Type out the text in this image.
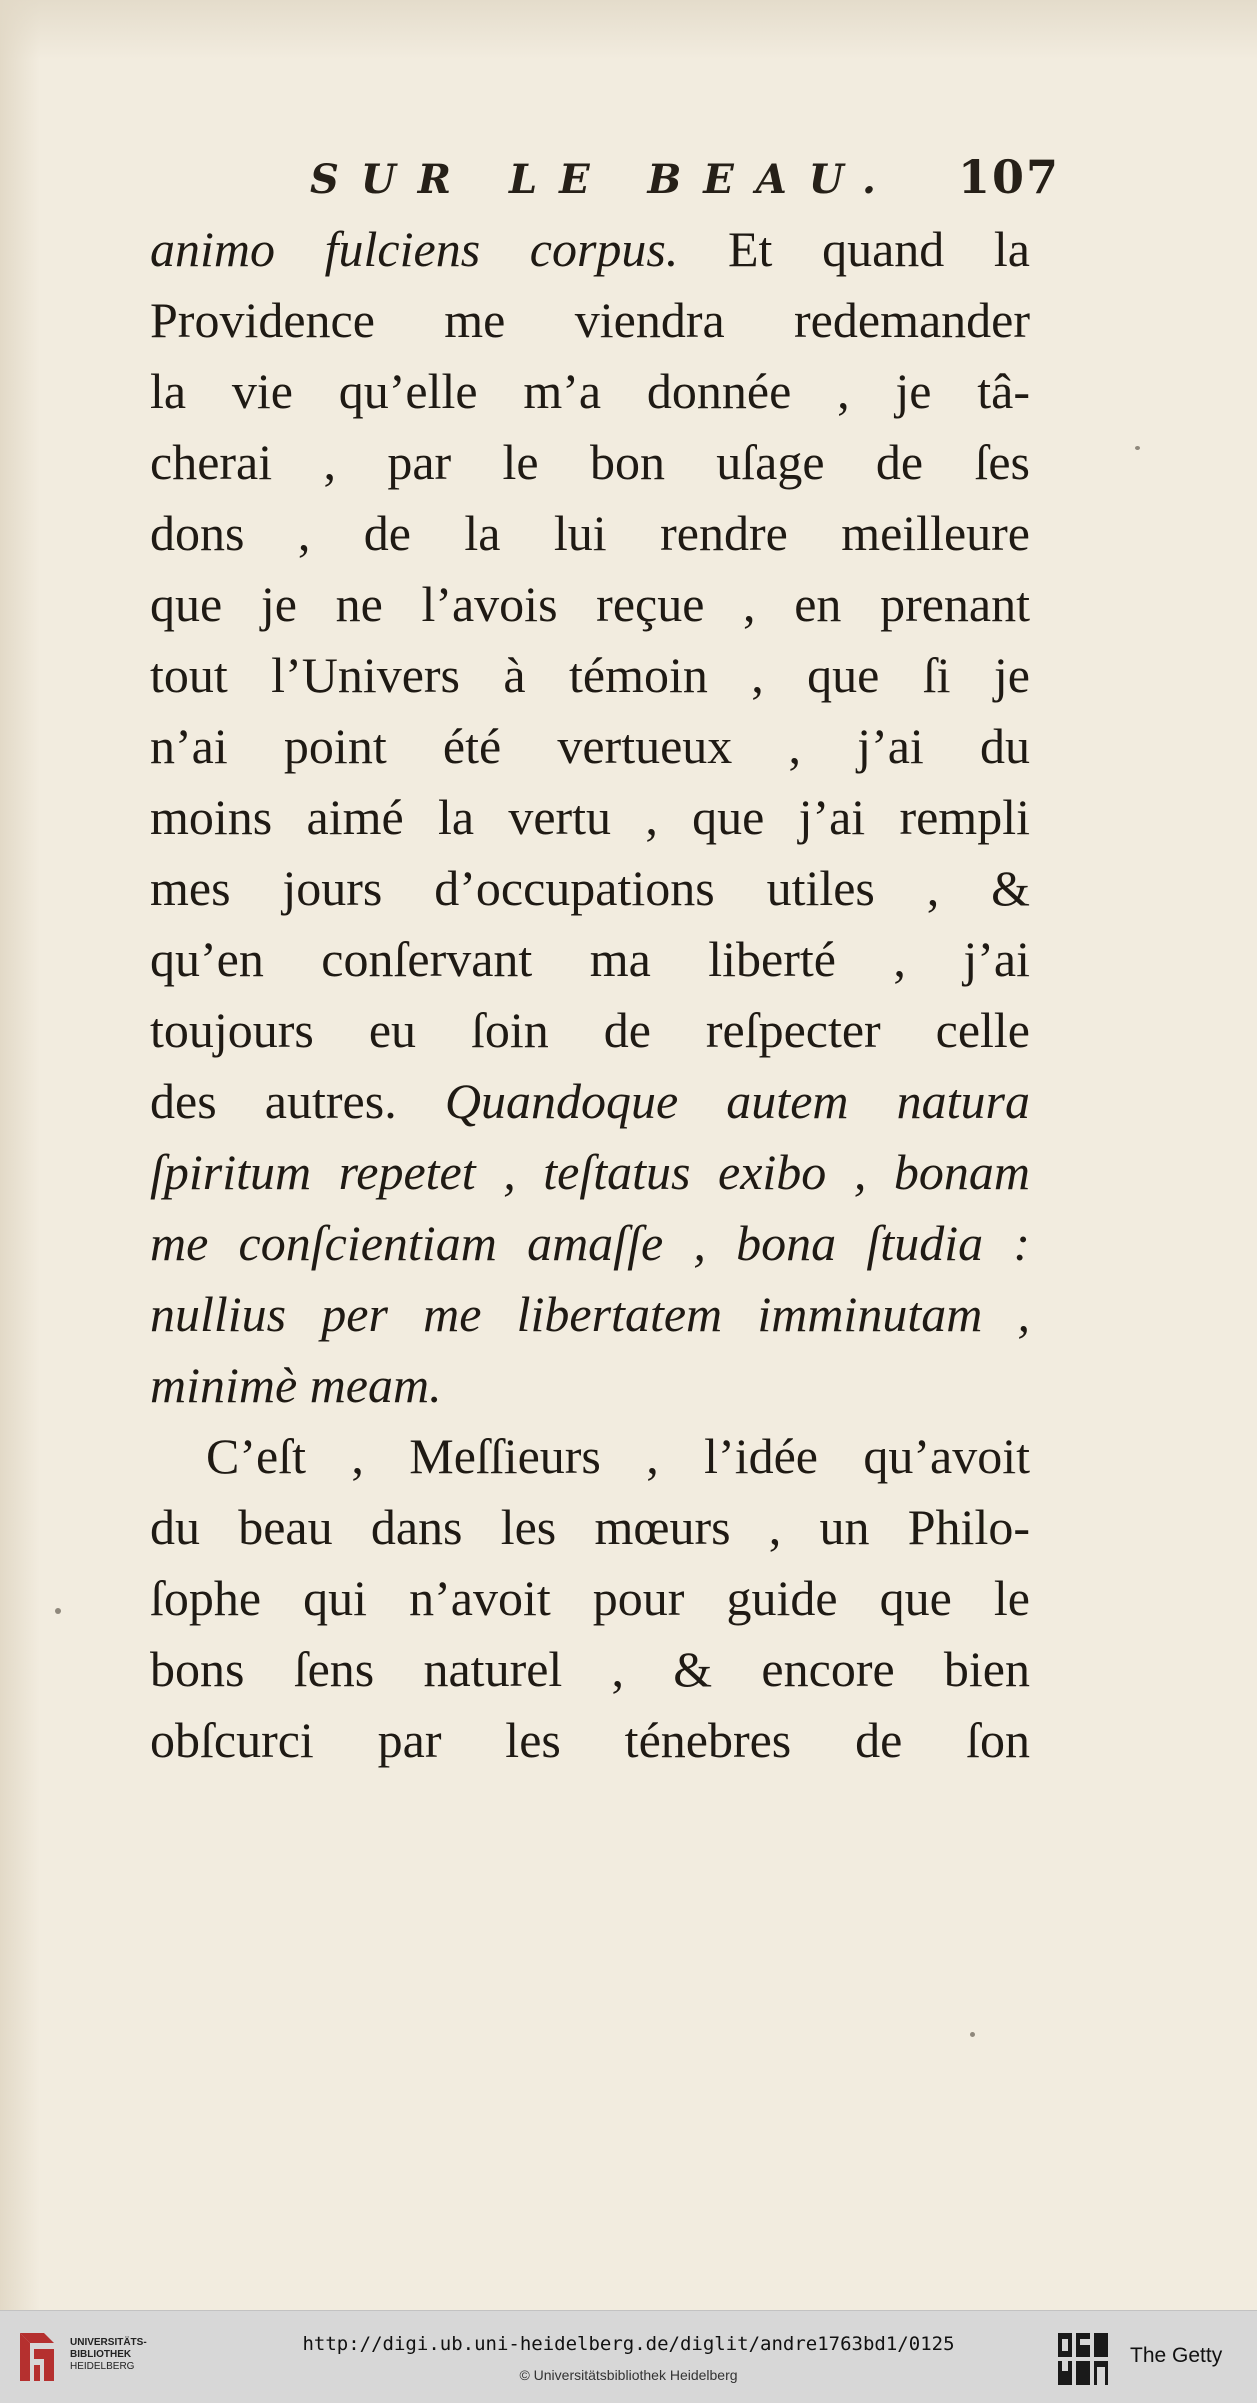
SUR LE BEAU. 107
animo fulciens corpus. Et quand la
Providence me viendra redemander
la vie qu’elle m’a donnée , je tâ-
cherai , par le bon uſage de ſes
dons , de la lui rendre meilleure
que je ne l’avois reçue , en prenant
tout l’Univers à témoin , que ſi je
n’ai point été vertueux , j’ai du
moins aimé la vertu , que j’ai rempli
mes jours d’occupations utiles , &
qu’en conſervant ma liberté , j’ai
toujours eu ſoin de reſpecter celle
des autres. Quandoque autem natura
ſpiritum repetet , teſtatus exibo , bonam
me conſcientiam amaſſe , bona ſtudia :
nullius per me libertatem imminutam ,
minimè meam.
C’eſt , Meſſieurs , l’idée qu’avoit
du beau dans les mœurs , un Philo-
ſophe qui n’avoit pour guide que le
bons ſens naturel , & encore bien
obſcurci par les ténebres de ſon
UNIVERSITÄTS-
BIBLIOTHEK
HEIDELBERG
http://digi.ub.uni-heidelberg.de/diglit/andre1763bd1/0125
© Universitätsbibliothek Heidelberg
The Getty
